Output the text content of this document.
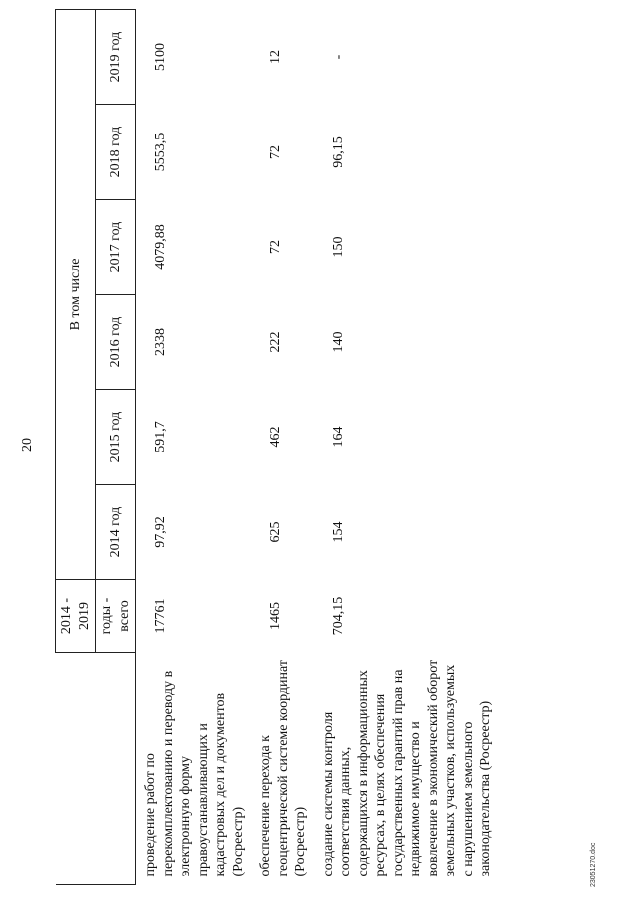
20
	2014 - 2019	В том числе					
	годы - всего	2014 год	2015 год	2016 год	2017 год	2018 год	2019 год
проведение работ по перекомплектованию и переводу в электронную форму правоустанавливающих и кадастровых дел и документов (Росреестр)	17761	97,92	591,7	2338	4079,88	5553,5	5100
обеспечение перехода к геоцентрической системе координат (Росреестр)	1465	625	462	222	72	72	12
создание системы контроля соответствия данных, содержащихся в информационных ресурсах, в целях обеспечения государственных гарантий прав на недвижимое имущество и вовлечение в экономический оборот земельных участков, используемых с нарушением земельного законодательства (Росреестр)	704,15	154	164	140	150	96,15	-
23051270.doc
